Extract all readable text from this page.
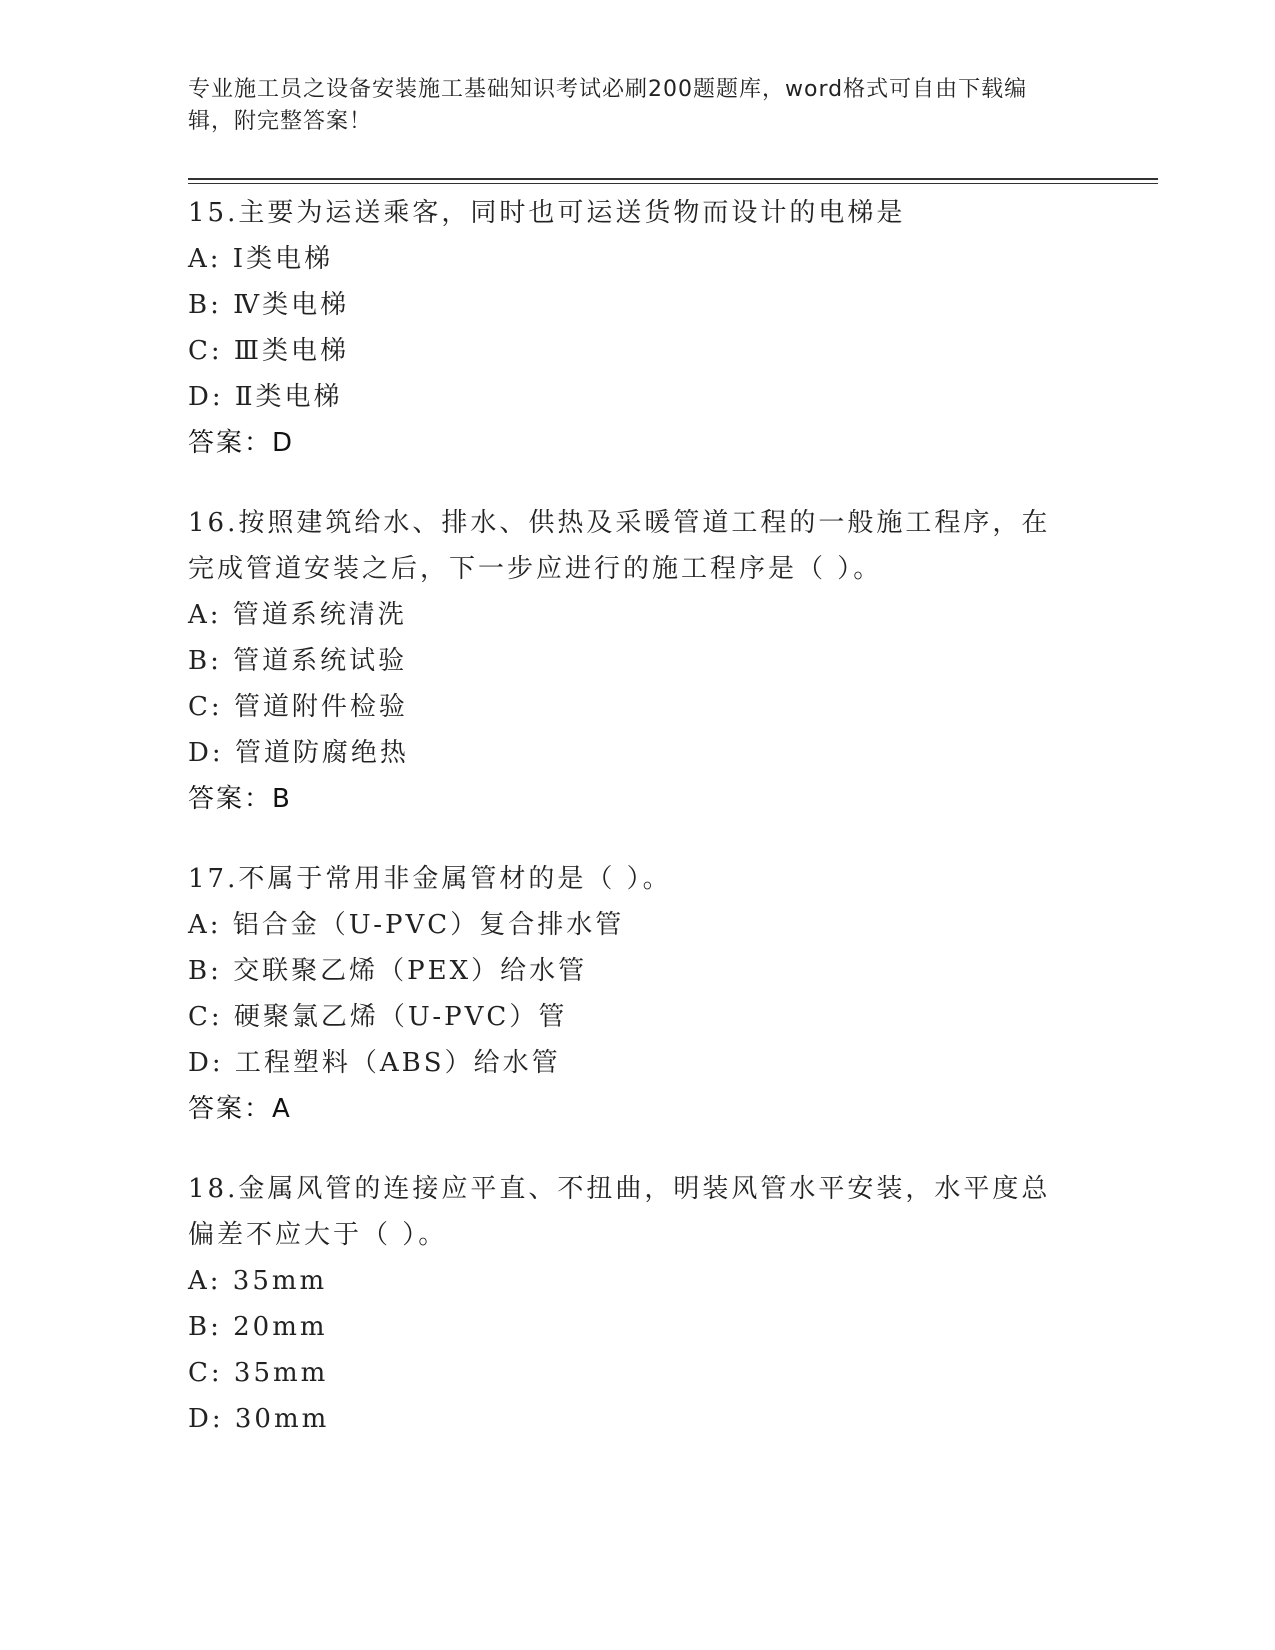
专业施工员之设备安装施工基础知识考试必刷200题题库，word格式可自由下载编辑，附完整答案！

15.主要为运送乘客，同时也可运送货物而设计的电梯是

A: Ⅰ类电梯

B: Ⅳ类电梯

C: Ⅲ类电梯

D: Ⅱ类电梯

答案：D

16.按照建筑给水、排水、供热及采暖管道工程的一般施工程序，在完成管道安装之后，下一步应进行的施工程序是（ ）。

A: 管道系统清洗

B: 管道系统试验

C: 管道附件检验

D: 管道防腐绝热

答案：B

17.不属于常用非金属管材的是（ ）。

A: 铝合金（U-PVC）复合排水管

B: 交联聚乙烯（PEX）给水管

C: 硬聚氯乙烯（U-PVC）管

D: 工程塑料（ABS）给水管

答案：A

18.金属风管的连接应平直、不扭曲，明装风管水平安装，水平度总偏差不应大于（ ）。

A: 35mm

B: 20mm

C: 35mm

D: 30mm
